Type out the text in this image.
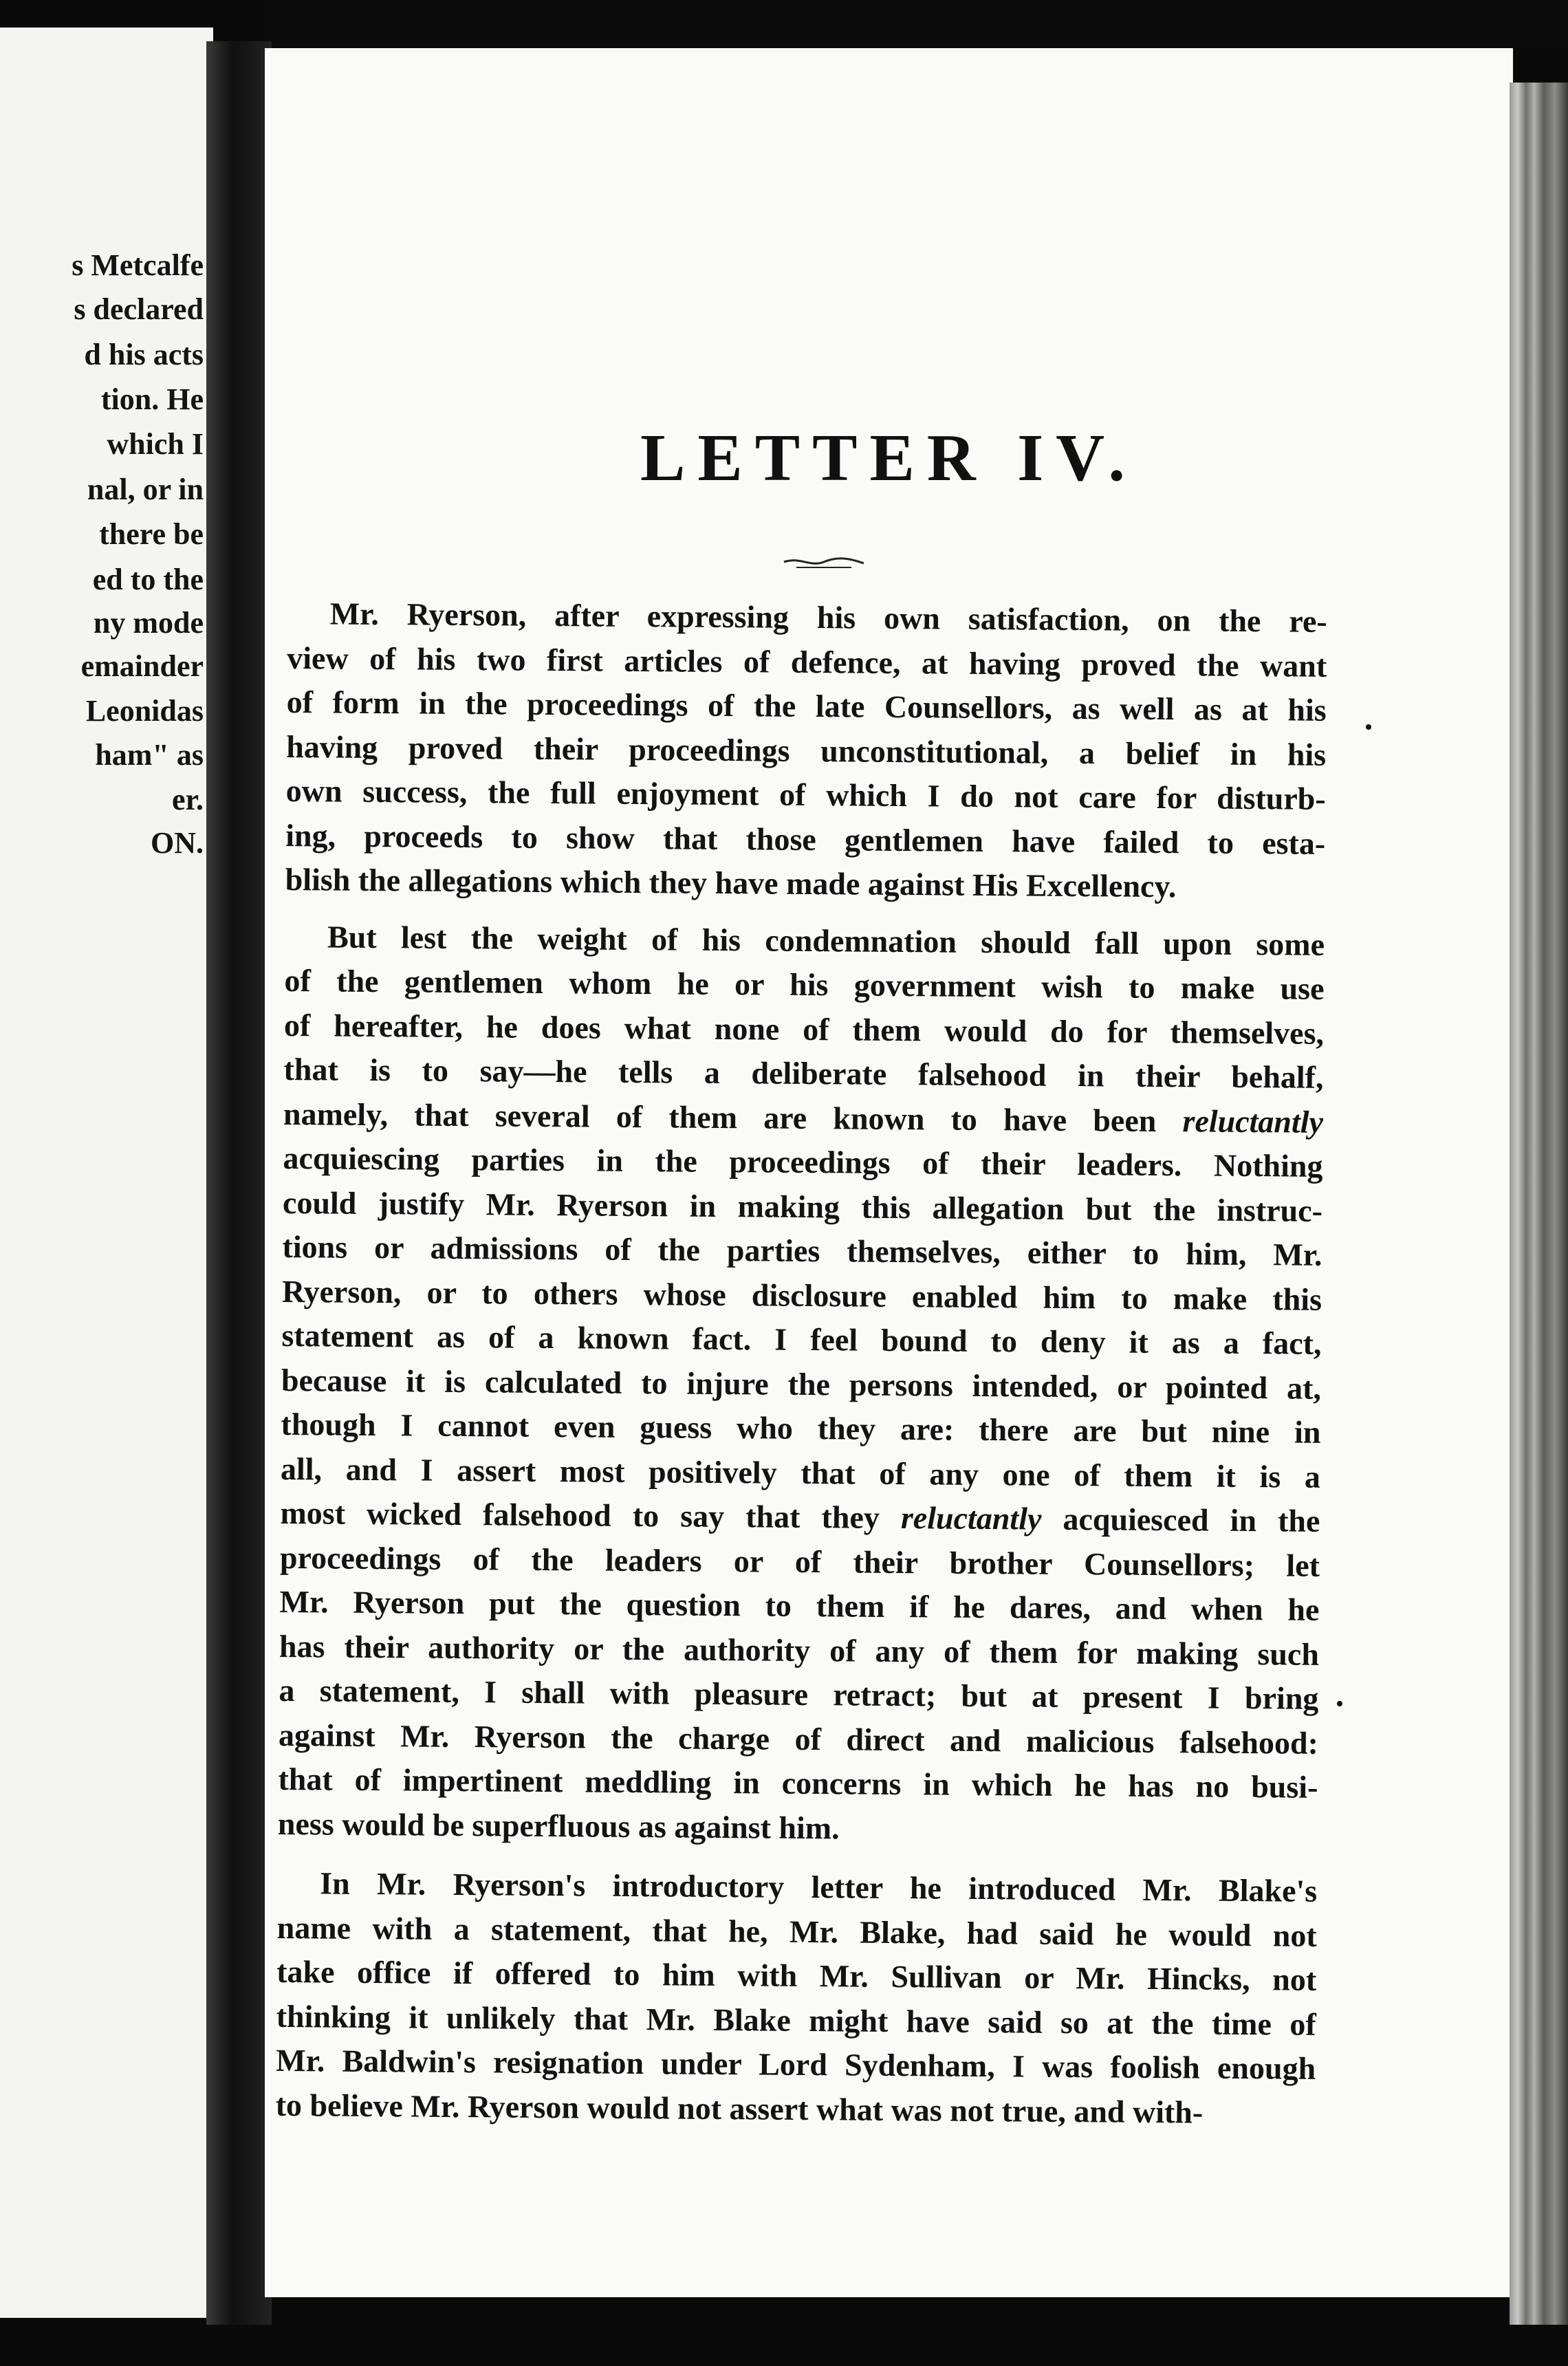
s Metcalfe
s declared
d his acts
tion. He
which I
nal, or in
there be
ed to the
ny mode
emainder
Leonidas
ham" as
er.
ON.
LETTER IV.
Mr. Ryerson, after expressing his own satisfaction, on the re-
view of his two first articles of defence, at having proved the want
of form in the proceedings of the late Counsellors, as well as at his
having proved their proceedings unconstitutional, a belief in his
own success, the full enjoyment of which I do not care for disturb-
ing, proceeds to show that those gentlemen have failed to esta-
blish the allegations which they have made against His Excellency.
But lest the weight of his condemnation should fall upon some
of the gentlemen whom he or his government wish to make use
of hereafter, he does what none of them would do for themselves,
that is to say—he tells a deliberate falsehood in their behalf,
namely, that several of them are known to have been reluctantly
acquiescing parties in the proceedings of their leaders. Nothing
could justify Mr. Ryerson in making this allegation but the instruc-
tions or admissions of the parties themselves, either to him, Mr.
Ryerson, or to others whose disclosure enabled him to make this
statement as of a known fact. I feel bound to deny it as a fact,
because it is calculated to injure the persons intended, or pointed at,
though I cannot even guess who they are: there are but nine in
all, and I assert most positively that of any one of them it is a
most wicked falsehood to say that they reluctantly acquiesced in the
proceedings of the leaders or of their brother Counsellors; let
Mr. Ryerson put the question to them if he dares, and when he
has their authority or the authority of any of them for making such
a statement, I shall with pleasure retract; but at present I bring
against Mr. Ryerson the charge of direct and malicious falsehood:
that of impertinent meddling in concerns in which he has no busi-
ness would be superfluous as against him.
In Mr. Ryerson's introductory letter he introduced Mr. Blake's
name with a statement, that he, Mr. Blake, had said he would not
take office if offered to him with Mr. Sullivan or Mr. Hincks, not
thinking it unlikely that Mr. Blake might have said so at the time of
Mr. Baldwin's resignation under Lord Sydenham, I was foolish enough
to believe Mr. Ryerson would not assert what was not true, and with-
